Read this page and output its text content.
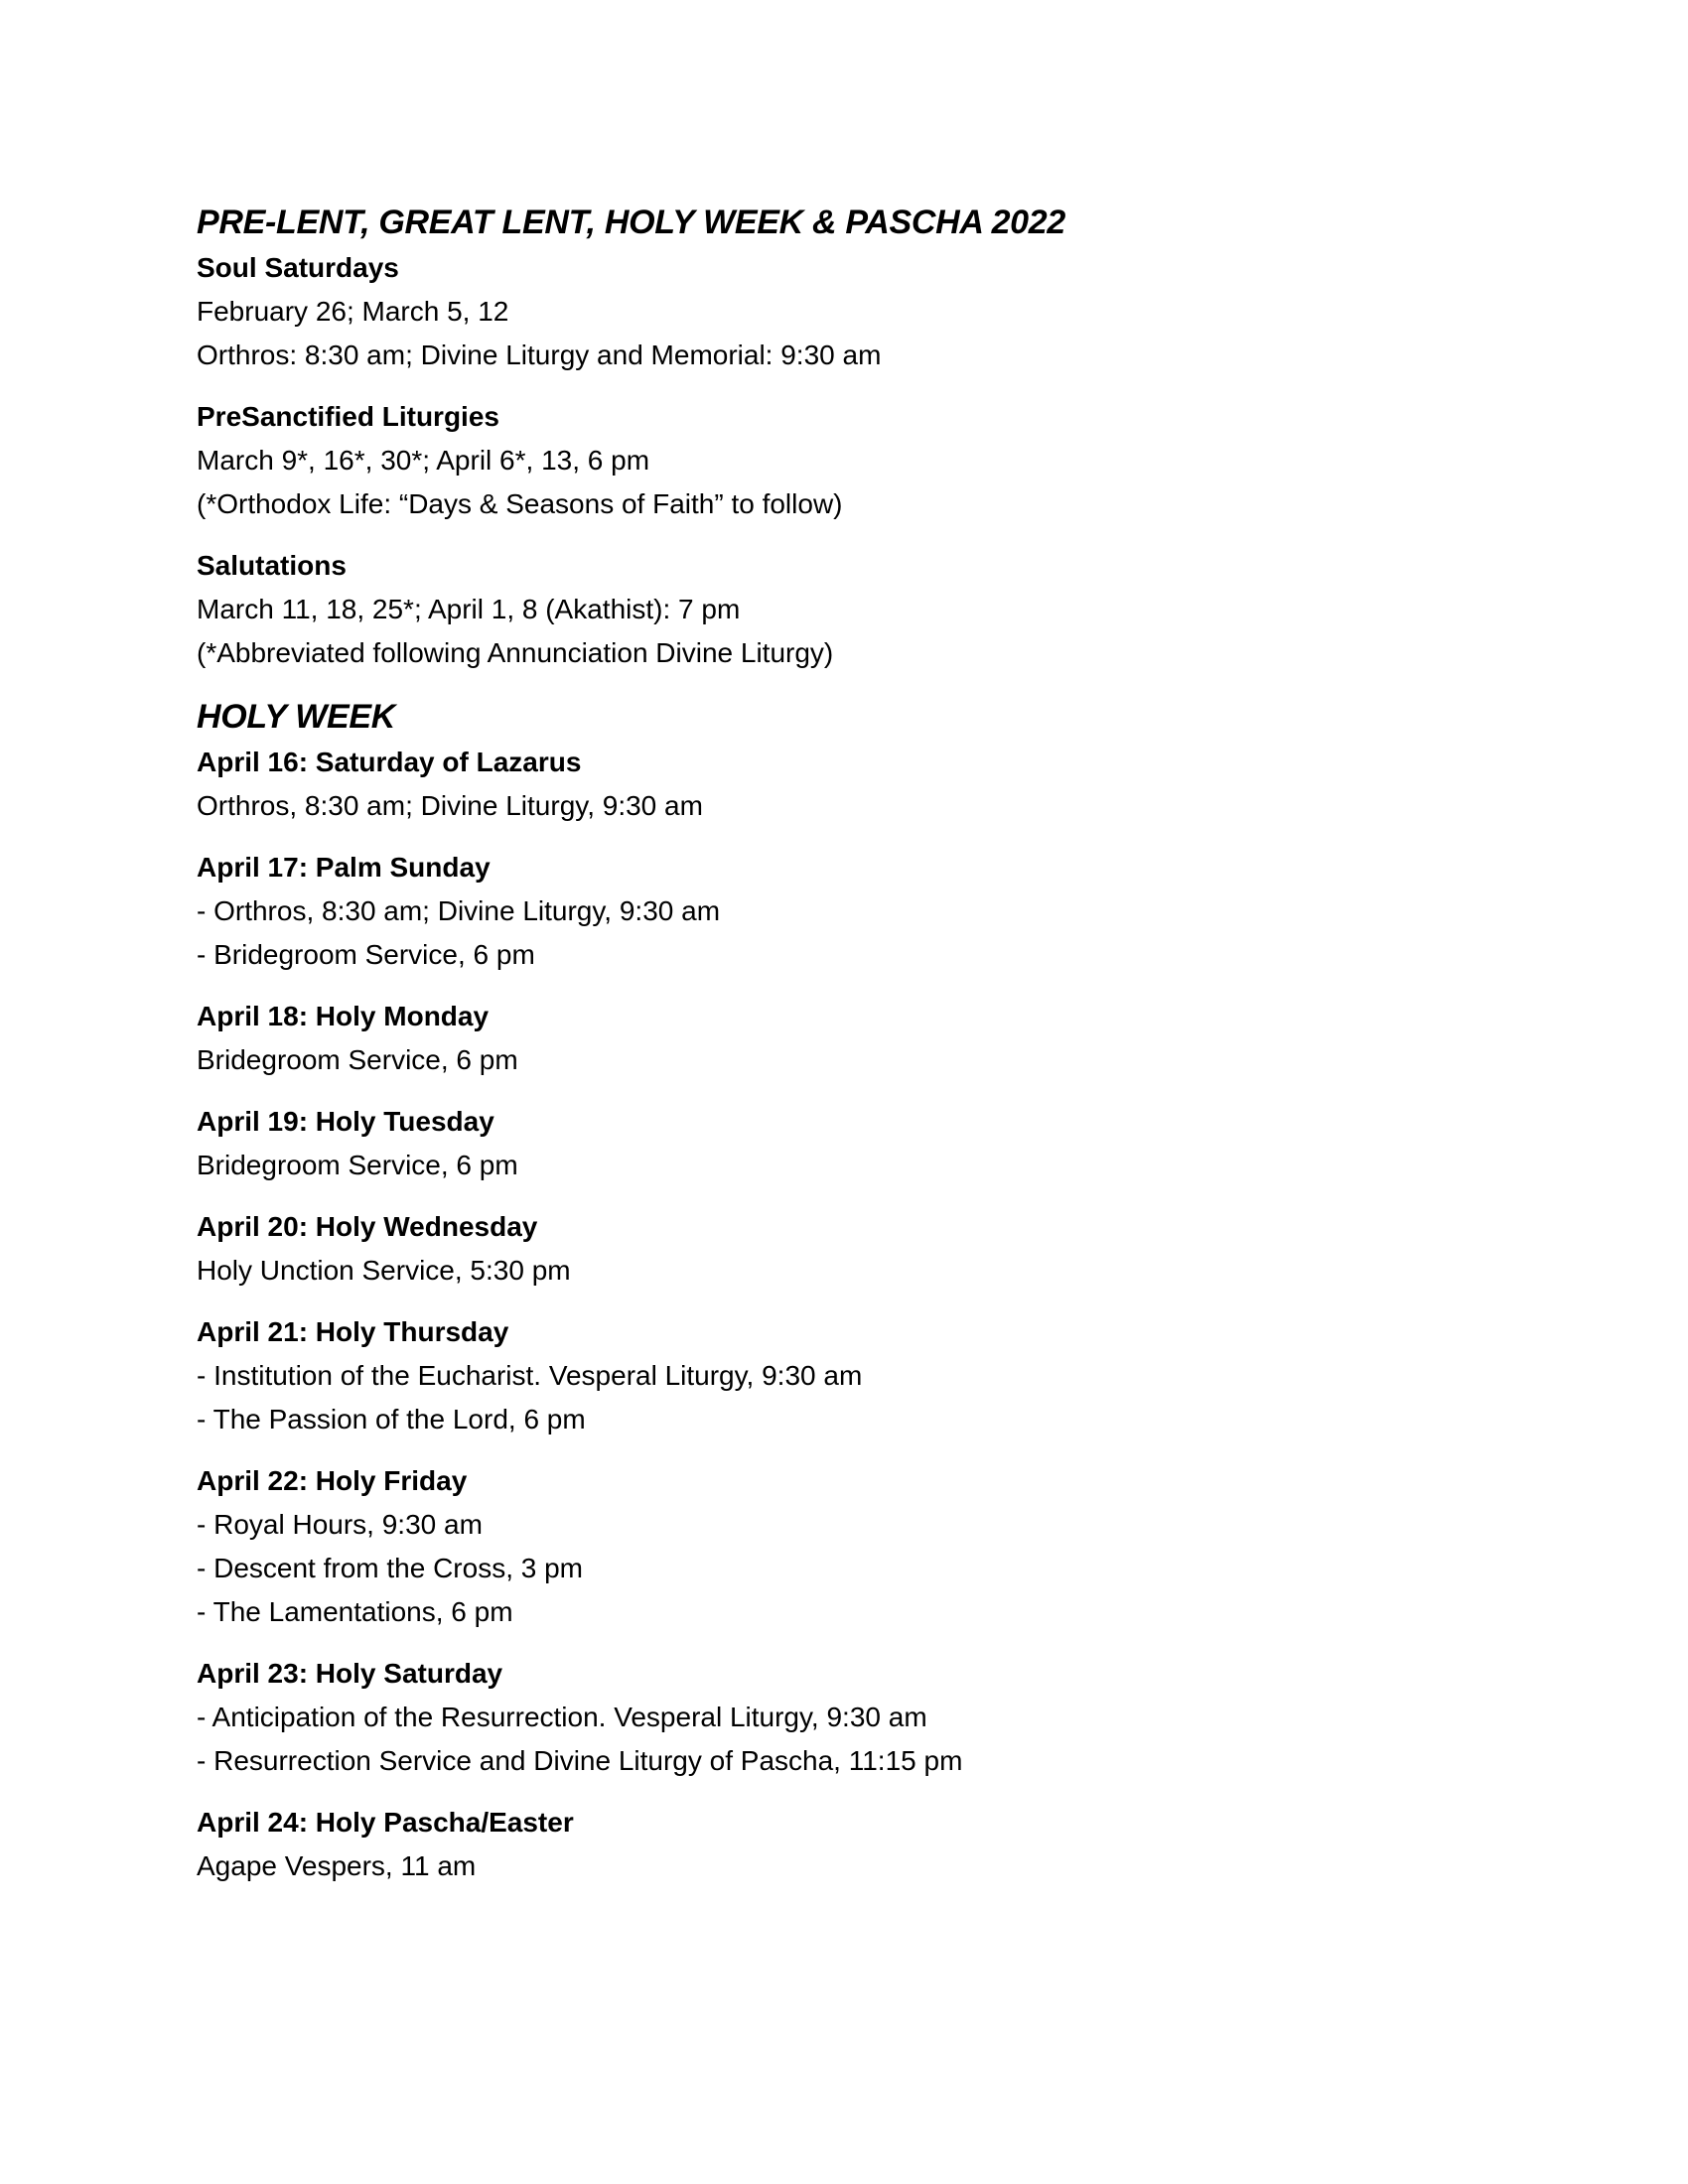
PRE-LENT, GREAT LENT, HOLY WEEK & PASCHA 2022

Soul Saturdays

February 26; March 5, 12

Orthros: 8:30 am; Divine Liturgy and Memorial: 9:30 am

PreSanctified Liturgies

March 9*, 16*, 30*; April 6*, 13, 6 pm

(*Orthodox Life: “Days & Seasons of Faith” to follow)

Salutations

March 11, 18, 25*; April 1, 8 (Akathist): 7 pm

(*Abbreviated following Annunciation Divine Liturgy)

HOLY WEEK

April 16: Saturday of Lazarus

Orthros, 8:30 am; Divine Liturgy, 9:30 am

April 17: Palm Sunday

- Orthros, 8:30 am; Divine Liturgy, 9:30 am

- Bridegroom Service, 6 pm

April 18: Holy Monday

Bridegroom Service, 6 pm

April 19: Holy Tuesday

Bridegroom Service, 6 pm

April 20: Holy Wednesday

Holy Unction Service, 5:30 pm

April 21: Holy Thursday

- Institution of the Eucharist. Vesperal Liturgy, 9:30 am

- The Passion of the Lord, 6 pm

April 22: Holy Friday

- Royal Hours, 9:30 am

- Descent from the Cross, 3 pm

- The Lamentations, 6 pm

April 23: Holy Saturday

- Anticipation of the Resurrection. Vesperal Liturgy, 9:30 am

- Resurrection Service and Divine Liturgy of Pascha, 11:15 pm

April 24: Holy Pascha/Easter

Agape Vespers, 11 am
